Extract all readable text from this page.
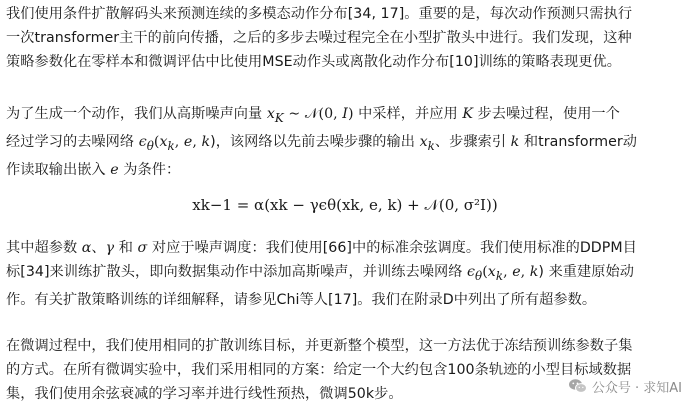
我们使用条件扩散解码头来预测连续的多模态动作分布[34, 17]。重要的是，每次动作预测只需执行
一次transformer主干的前向传播，之后的多步去噪过程完全在小型扩散头中进行。我们发现，这种
策略参数化在零样本和微调评估中比使用MSE动作头或离散化动作分布[10]训练的策略表现更优。
为了生成一个动作，我们从高斯噪声向量 $x_K$ ∼ 𝒩(0, I) 中采样，并应用 K 步去噪过程，使用一个
经过学习的去噪网络 $\epsilon_\theta(x_k$, e, k)，该网络以先前去噪步骤的输出 $x_k$、步骤索引 k 和transformer动
作读取输出嵌入 e 为条件：
xk−1 = α(xk − γϵθ(xk, e, k) + 𝒩(0, σ²I))
其中超参数 α、γ 和 σ 对应于噪声调度：我们使用[66]中的标准余弦调度。我们使用标准的DDPM目
标[34]来训练扩散头，即向数据集动作中添加高斯噪声，并训练去噪网络 $\epsilon_\theta(x_k$, e, k) 来重建原始动
作。有关扩散策略训练的详细解释，请参见Chi等人[17]。我们在附录D中列出了所有超参数。
在微调过程中，我们使用相同的扩散训练目标，并更新整个模型，这一方法优于冻结预训练参数子集
的方式。在所有微调实验中，我们采用相同的方案：给定一个大约包含100条轨迹的小型目标域数据
集，我们使用余弦衰减的学习率并进行线性预热，微调50k步。	公众号 · 求知AI
